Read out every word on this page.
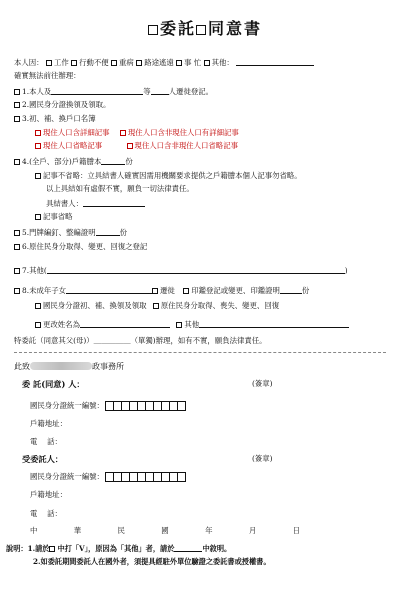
委託 同意書
本人因： 工作 行動不便 重病 路途遙遠 事 忙 其他：
確實無法前往辦理：
1.本人及	等 人遷徙登記。
2.國民身分證換領及領取。
3.初、補、換戶口名簿
現住人口含詳細記事 現住人口含非現住人口有詳細記事
現住人口省略記事	現住人口含非現住人口省略記事
4.(全戶、部分)戶籍謄本	份
記事不省略：立具結書人確實因需用機關要求提供之戶籍謄本個人記事勿省略。
以上具結如有虛假不實，願負一切法律責任。
具結書人：
記事省略
5.門牌編釘、整編證明	份
6.原住民身分取得、變更、回復之登記
7.其他(	)
8.未成年子女	遷徙 印鑑登記或變更、印鑑證明	份
國民身分證初、補、換領及領取 原住民身分取得、喪失、變更、回復
更改姓名為	其他
特委託（同意其父(母)）＿＿＿＿＿（單獨)辦理，如有不實，願負法律責任。
此致	政事務所
委 託(同意) 人：	(簽章)
國民身分證統一編號：
戶籍地址：
電　 話：
受委託人：	(簽章)
國民身分證統一編號：
戶籍地址：
電　 話：
中	華	民	國	年	月	日
說明：1.請於 中打「V」，原因為「其他」者，請於	中敘明。
2.如委託期間委託人在國外者，須提具經駐外單位驗證之委託書或授權書。
